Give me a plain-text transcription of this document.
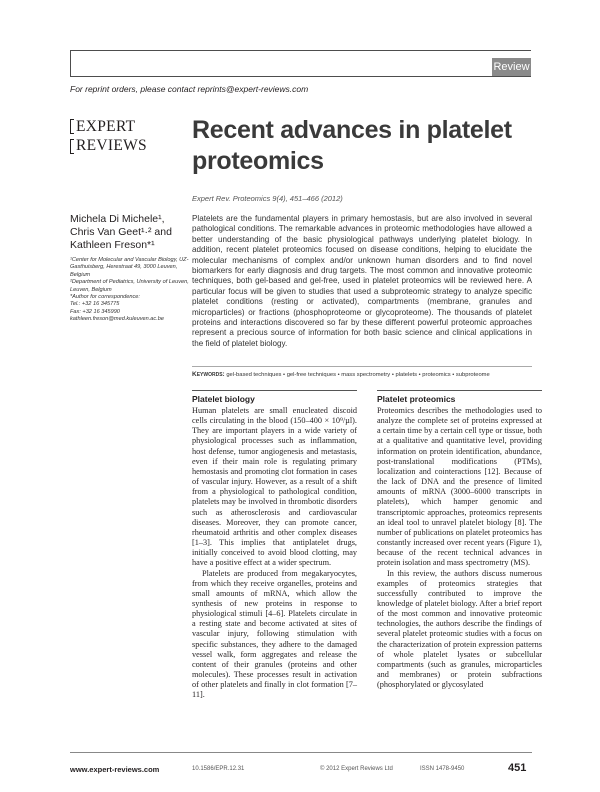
Review
For reprint orders, please contact reprints@expert-reviews.com
EXPERT
REVIEWS
Recent advances in platelet proteomics
Expert Rev. Proteomics 9(4), 451–466 (2012)
Michela Di Michele¹, Chris Van Geet¹·² and Kathleen Freson*¹
¹Center for Molecular and Vascular Biology, UZ-Gasthuisberg, Herestraat 49, 3000 Leuven, Belgium
²Department of Pediatrics, University of Leuven, Leuven, Belgium
*Author for correspondence:
Tel.: +32 16 345775
Fax: +32 16 345990
kathleen.freson@med.kuleuven.ac.be
Platelets are the fundamental players in primary hemostasis, but are also involved in several pathological conditions. The remarkable advances in proteomic methodologies have allowed a better understanding of the basic physiological pathways underlying platelet biology. In addition, recent platelet proteomics focused on disease conditions, helping to elucidate the molecular mechanisms of complex and/or unknown human disorders and to find novel biomarkers for early diagnosis and drug targets. The most common and innovative proteomic techniques, both gel-based and gel-free, used in platelet proteomics will be reviewed here. A particular focus will be given to studies that used a subproteomic strategy to analyze specific platelet conditions (resting or activated), compartments (membrane, granules and microparticles) or fractions (phosphoproteome or glycoproteome). The thousands of platelet proteins and interactions discovered so far by these different powerful proteomic approaches represent a precious source of information for both basic science and clinical applications in the field of platelet biology.
Keywords: gel-based techniques • gel-free techniques • mass spectrometry • platelets • proteomics • subproteome
Platelet biology

Human platelets are small enucleated discoid cells circulating in the blood (150–400 × 10⁹/µl). They are important players in a wide variety of physiological processes such as inflammation, host defense, tumor angiogenesis and metastasis, even if their main role is regulating primary hemostasis and promoting clot formation in cases of vascular injury. However, as a result of a shift from a physiological to pathological condition, platelets may be involved in thrombotic disorders such as atherosclerosis and cardiovascular diseases. Moreover, they can promote cancer, rheumatoid arthritis and other complex diseases [1–3]. This implies that antiplatelet drugs, initially conceived to avoid blood clotting, may have a positive effect at a wider spectrum.

Platelets are produced from megakaryocytes, from which they receive organelles, proteins and small amounts of mRNA, which allow the synthesis of new proteins in response to physiological stimuli [4–6]. Platelets circulate in a resting state and become activated at sites of vascular injury, following stimulation with specific substances, they adhere to the damaged vessel walk, form aggregates and release the content of their granules (proteins and other molecules). These processes result in activation of other platelets and finally in clot formation [7–11].

Platelet proteomics

Proteomics describes the methodologies used to analyze the complete set of proteins expressed at a certain time by a certain cell type or tissue, both at a qualitative and quantitative level, providing information on protein identification, abundance, post-translational modifications (PTMs), localization and cointeractions [12]. Because of the lack of DNA and the presence of limited amounts of mRNA (3000–6000 transcripts in platelets), which hamper genomic and transcriptomic approaches, proteomics represents an ideal tool to unravel platelet biology [8]. The number of publications on platelet proteomics has constantly increased over recent years (Figure 1), because of the recent technical advances in protein isolation and mass spectrometry (MS).

In this review, the authors discuss numerous examples of proteomics strategies that successfully contributed to improve the knowledge of platelet biology. After a brief report of the most common and innovative proteomic technologies, the authors describe the findings of several platelet proteomic studies with a focus on the characterization of protein expression patterns of whole platelet lysates or subcellular compartments (such as granules, microparticles and membranes) or protein subfractions (phosphorylated or glycosylated

www.expert-reviews.com	10.1586/EPR.12.31	© 2012 Expert Reviews Ltd	ISSN 1478-9450	451
